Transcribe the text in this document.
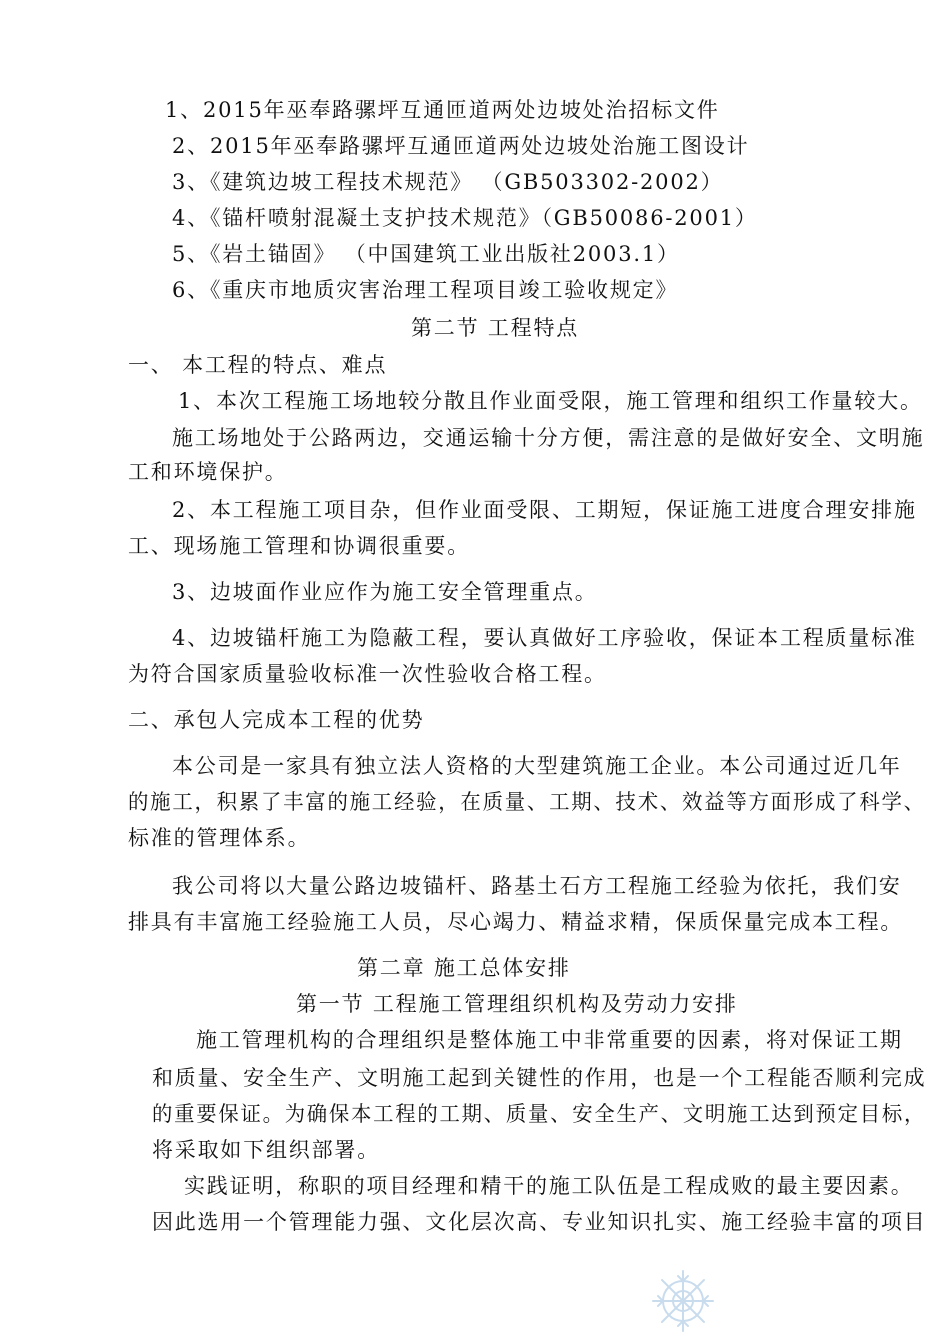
1、2015年巫奉路骡坪互通匝道两处边坡处治招标文件

2、2015年巫奉路骡坪互通匝道两处边坡处治施工图设计

3、《建筑边坡工程技术规范》 （GB503302-2002）

4、《锚杆喷射混凝土支护技术规范》（GB50086-2001）

5、《岩土锚固》 （中国建筑工业出版社2003.1）

6、《重庆市地质灾害治理工程项目竣工验收规定》

第二节 工程特点

一、 本工程的特点、难点

1、本次工程施工场地较分散且作业面受限，施工管理和组织工作量较大。

施工场地处于公路两边，交通运输十分方便，需注意的是做好安全、文明施

工和环境保护。

2、本工程施工项目杂，但作业面受限、工期短，保证施工进度合理安排施

工、现场施工管理和协调很重要。

3、边坡面作业应作为施工安全管理重点。

4、边坡锚杆施工为隐蔽工程，要认真做好工序验收，保证本工程质量标准

为符合国家质量验收标准一次性验收合格工程。

二、承包人完成本工程的优势

本公司是一家具有独立法人资格的大型建筑施工企业。本公司通过近几年

的施工，积累了丰富的施工经验，在质量、工期、技术、效益等方面形成了科学、

标准的管理体系。

我公司将以大量公路边坡锚杆、路基土石方工程施工经验为依托，我们安

排具有丰富施工经验施工人员，尽心竭力、精益求精，保质保量完成本工程。

第二章 施工总体安排

第一节 工程施工管理组织机构及劳动力安排

施工管理机构的合理组织是整体施工中非常重要的因素，将对保证工期

和质量、安全生产、文明施工起到关键性的作用，也是一个工程能否顺利完成

的重要保证。为确保本工程的工期、质量、安全生产、文明施工达到预定目标，

将采取如下组织部署。

实践证明，称职的项目经理和精干的施工队伍是工程成败的最主要因素。

因此选用一个管理能力强、文化层次高、专业知识扎实、施工经验丰富的项目
